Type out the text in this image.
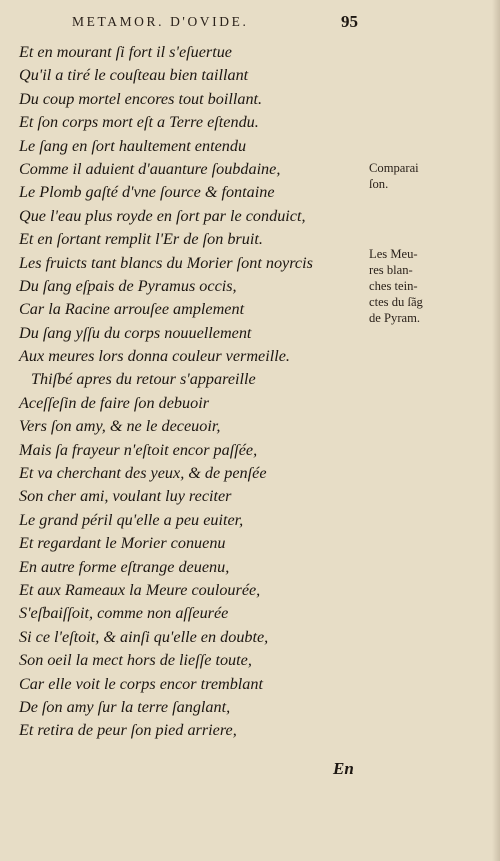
METAMOR. D'OVIDE.	95
Et en mourant ſi fort il s'eſuertue
Qu'il a tiré le couſteau bien taillant
Du coup mortel encores tout boillant.
Et ſon corps mort eſt a Terre eſtendu.
Le ſang en ſort haultement entendu
Comme il aduient d'auanture ſoubdaine,
Le Plomb gaſté d'vne ſource & fontaine
Que l'eau plus royde en ſort par le conduict,
Et en ſortant remplit l'Er de ſon bruit.
Les fruicts tant blancs du Morier ſont noyrcis
Du ſang eſpais de Pyramus occis,
Car la Racine arrouſee amplement
Du ſang yſſu du corps nouuellement
Aux meures lors donna couleur vermeille.
Thiſbé apres du retour s'appareille
Aceſſeſin de faire ſon debuoir
Vers ſon amy, & ne le deceuoir,
Mais ſa frayeur n'eſtoit encor paſſée,
Et va cherchant des yeux, & de penſée
Son cher ami, voulant luy reciter
Le grand péril qu'elle a peu euiter,
Et regardant le Morier conuenu
En autre forme eſtrange deuenu,
Et aux Rameaux la Meure coulourée,
S'eſbaiſſoit, comme non aſſeurée
Si ce l'eſtoit, & ainſi qu'elle en doubte,
Son oeil la mect hors de lieſſe toute,
Car elle voit le corps encor tremblant
De ſon amy ſur la terre ſanglant,
Et retira de peur ſon pied arriere,
Comparai
ſon.
Les Meu-
res blan-
ches tein-
ctes du ſãg
de Pyram.
En
